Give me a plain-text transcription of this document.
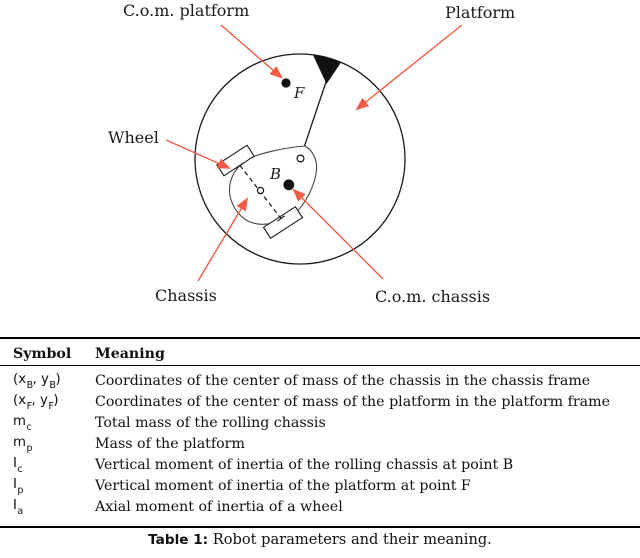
F
B
C.o.m. platform	Platform
Wheel
Chassis	C.o.m. chassis
Symbol	Meaning
($x_B$, $y_B$)	Coordinates of the center of mass of the chassis in the chassis frame
($x_F$, $y_F$)	Coordinates of the center of mass of the platform in the platform frame
$m_c$	Total mass of the rolling chassis
$m_p$	Mass of the platform
$I_c$	Vertical moment of inertia of the rolling chassis at point B
$I_p$	Vertical moment of inertia of the platform at point F
$I_a$	Axial moment of inertia of a wheel
Table 1: Robot parameters and their meaning.
